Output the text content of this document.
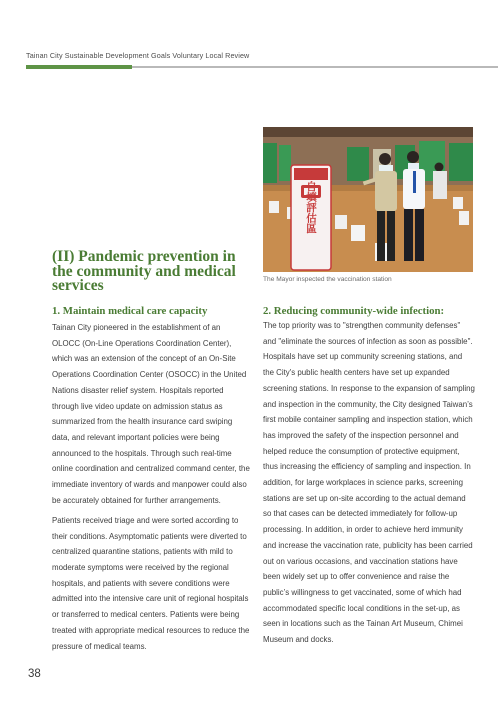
Tainan City Sustainable Development Goals Voluntary Local Review
自填評估區
The Mayor inspected the vaccination station
(II) Pandemic prevention in the community and medical services
1. Maintain medical care capacity

Tainan City pioneered in the establishment of an OLOCC (On-Line Operations Coordination Center), which was an extension of the concept of an On-Site Operations Coordination Center (OSOCC) in the United Nations disaster relief system. Hospitals reported through live video update on admission status as summarized from the health insurance card swiping data, and relevant important policies were being announced to the hospitals. Through such real-time online coordination and centralized command center, the immediate inventory of wards and manpower could also be accurately obtained for further arrangements.

Patients received triage and were sorted according to their conditions. Asymptomatic patients were diverted to centralized quarantine stations, patients with mild to moderate symptoms were received by the regional hospitals, and patients with severe conditions were admitted into the intensive care unit of regional hospitals or transferred to medical centers. Patients were being treated with appropriate medical resources to reduce the pressure of medical teams.

2. Reducing community-wide infection:

The top priority was to "strengthen community defenses" and "eliminate the sources of infection as soon as possible". Hospitals have set up community screening stations, and the City's public health centers have set up expanded screening stations. In response to the expansion of sampling and inspection in the community, the City designed Taiwan’s first mobile container sampling and inspection station, which has improved the safety of the inspection personnel and helped reduce the consumption of protective equipment, thus increasing the efficiency of sampling and inspection. In addition, for large workplaces in science parks, screening stations are set up on-site according to the actual demand so that cases can be detected immediately for follow-up processing. In addition, in order to achieve herd immunity and increase the vaccination rate, publicity has been carried out on various occasions, and vaccination stations have been widely set up to offer convenience and raise the public’s willingness to get vaccinated, some of which had accommodated specific local conditions in the set-up, as seen in locations such as the Tainan Art Museum, Chimei Museum and docks.

38
